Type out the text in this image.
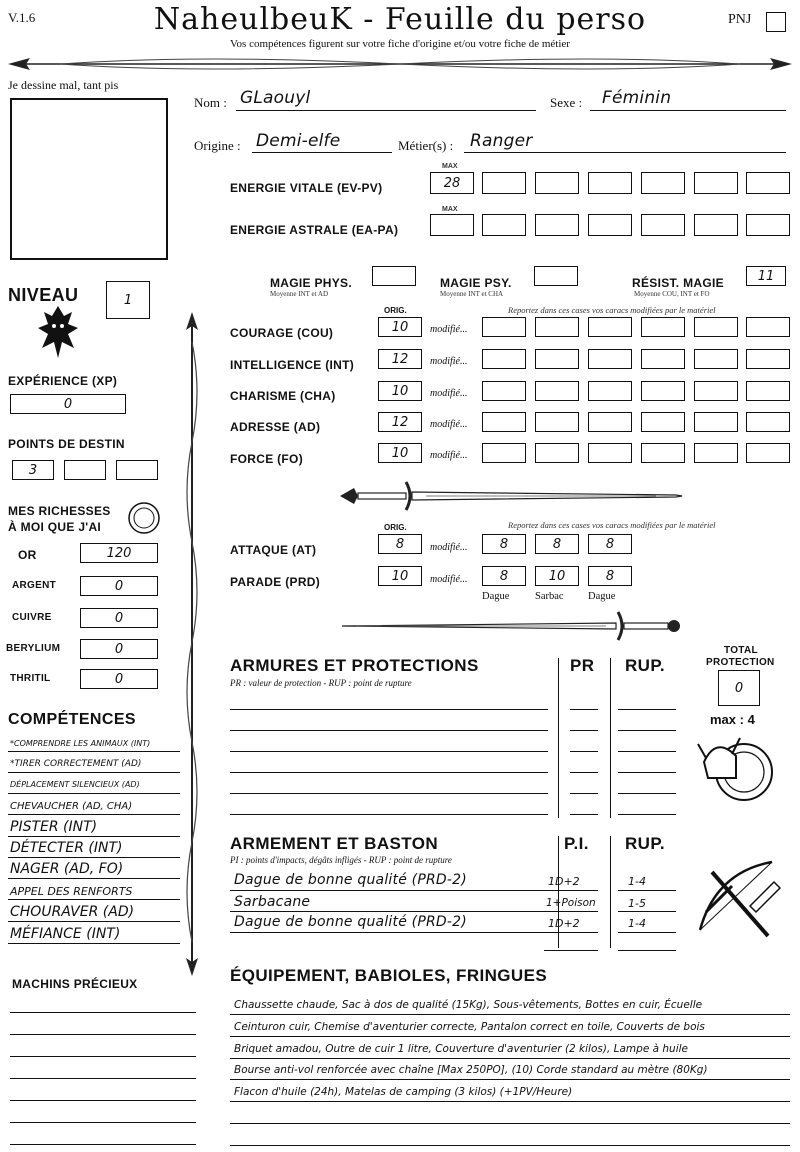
V.1.6	NaheulbeuK - Feuille du perso
Vos compétences figurent sur votre fiche d'origine et/ou votre fiche de métier
PNJ
Je dessine mal, tant pis
Nom : GLaouyl	Sexe : Féminin
Origine : Demi-elfe	Métier(s) : Ranger
MAX
ENERGIE VITALE (EV-PV)	28
MAX
ENERGIE ASTRALE (EA-PA)
MAGIE PHYS.
Moyenne INT et AD
MAGIE PSY.
Moyenne INT et CHA
RÉSIST. MAGIE
Moyenne COU, INT et FO
11
NIVEAU	1
EXPÉRIENCE (XP)
0
POINTS DE DESTIN
3
MES RICHESSES
À MOI QUE J'AI
OR	120
ARGENT	0
CUIVRE	0
BERYLIUM	0
THRITIL	0
COMPÉTENCES
*COMPRENDRE LES ANIMAUX (INT)
*TIRER CORRECTEMENT (AD)
DÉPLACEMENT SILENCIEUX (AD)
CHEVAUCHER (AD, CHA)
PISTER (INT)
DÉTECTER (INT)
NAGER (AD, FO)
APPEL DES RENFORTS
CHOURAVER (AD)
MÉFIANCE (INT)
MACHINS PRÉCIEUX
ORIG.	Reportez dans ces cases vos caracs modifiées par le matériel
COURAGE (COU)	10	modifié...
INTELLIGENCE (INT)	12	modifié...
CHARISME (CHA)	10	modifié...
ADRESSE (AD)	12	modifié...
FORCE (FO)	10	modifié...
ORIG.	Reportez dans ces cases vos caracs modifiées par le matériel
ATTAQUE (AT)	8	modifié...	8	8	8
PARADE (PRD)	10	modifié...	8	10	8
Dague Sarbac Dague
ARMURES ET PROTECTIONS
PR : valeur de protection - RUP : point de rupture
PR RUP.
TOTAL
PROTECTION
0
max : 4
ARMEMENT ET BASTON
PI : points d'impacts, dégâts infligés - RUP : point de rupture
P.I. RUP.
Dague de bonne qualité (PRD-2)	1D+2	1-4
Sarbacane	1+Poison	1-5
Dague de bonne qualité (PRD-2)	1D+2	1-4
ÉQUIPEMENT, BABIOLES, FRINGUES
Chaussette chaude, Sac à dos de qualité (15Kg), Sous-vêtements, Bottes en cuir, Écuelle
Ceinturon cuir, Chemise d'aventurier correcte, Pantalon correct en toile, Couverts de bois
Briquet amadou, Outre de cuir 1 litre, Couverture d'aventurier (2 kilos), Lampe à huile
Bourse anti-vol renforcée avec chaîne [Max 250PO], (10) Corde standard au mètre (80Kg)
Flacon d'huile (24h), Matelas de camping (3 kilos) (+1PV/Heure)
